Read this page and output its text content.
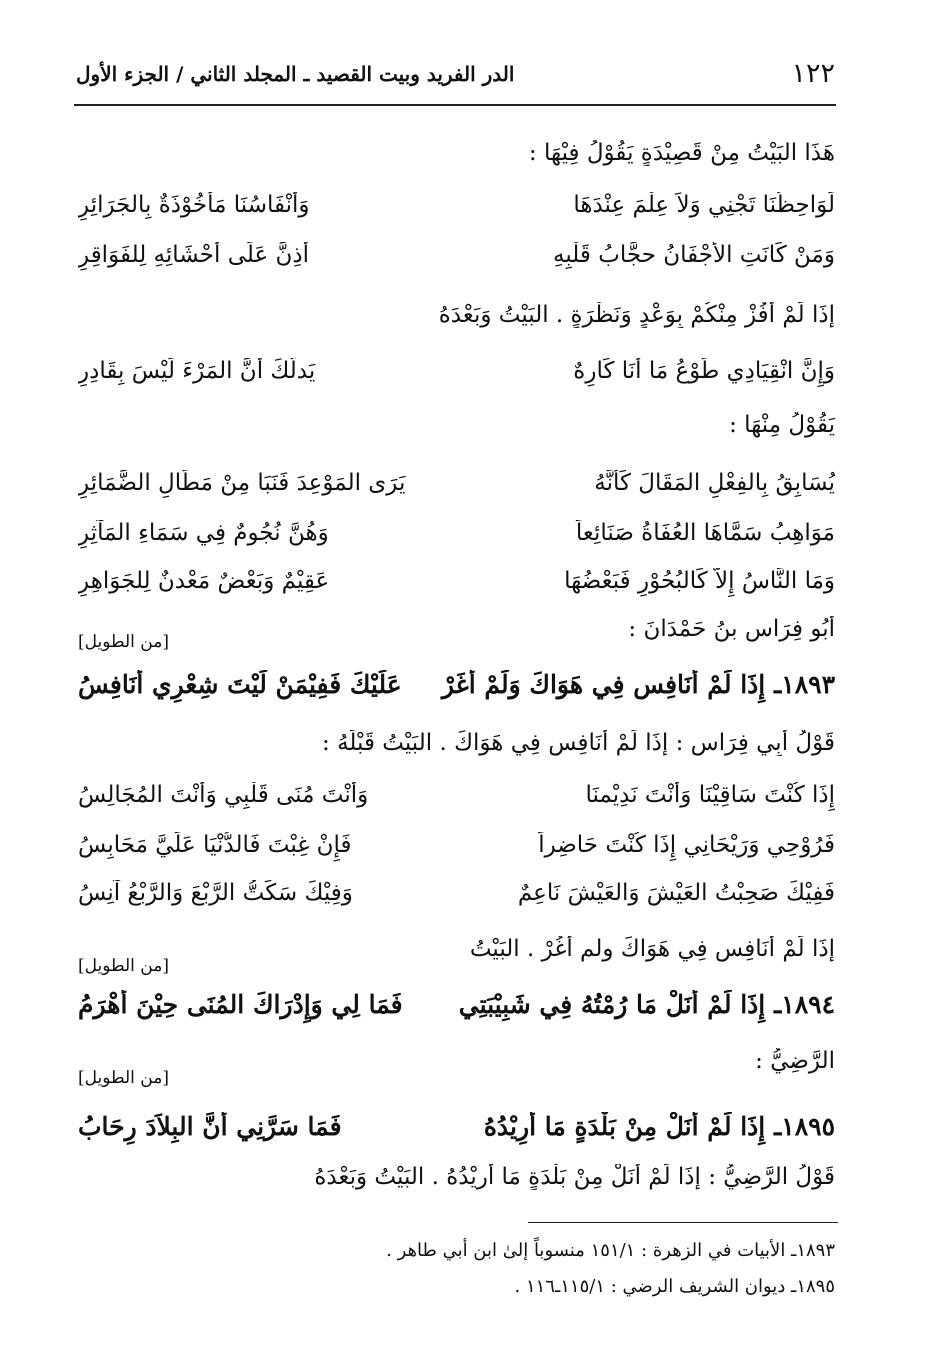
١٢٢
الدر الفريد وبيت القصيد ـ المجلد الثاني / الجزء الأول
هَذَا البَيْتُ مِنْ قَصِيْدَةٍ يَقُوْلُ فِيْهَا :
لَوَاحِظُنَا تَجْنِي وَلاَ عِلْمَ عِنْدَهَا
وَأَنْفَاسُنَا مَأْخُوْذَةٌ بِالجَرَائِرِ
وَمَنْ كَانَتِ الأَجْفَانُ حجَّابُ قَلْبِهِ
أَذِنَّ عَلَى أَحْشَائِهِ لِلفَوَاقِرِ
إِذَا لَمْ أَفُزْ مِنْكُمْ بِوَعْدٍ وَنَظْرَةٍ . البَيْتُ وَبَعْدَهُ
وَإِنَّ انْقِيَادِي طَوْعُ مَا أَنَا كَارِهٌ
يَدلُّكَ أَنَّ المَرْءَ لَيْسَ بِقَادِرِ
يَقُوْلُ مِنْهَا :
يُسَابِقُ بِالفِعْلِ المَقَالَ كَأَنَّهُ
يَرَى المَوْعِدَ فَنَبَا مِنْ مَطَالِ الضَّمَائِرِ
مَوَاهِبُ سَمَّاهَا العُفَاةُ صَنَائِعاً
وَهُنَّ نُجُومٌ فِي سَمَاءِ المَآثِرِ
وَمَا النَّاسُ إِلاَّ كَالبُحُوْرِ فَبَعْضُهَا
عَقِيْمٌ وَبَعْضٌ مَعْدنٌ لِلجَوَاهِرِ
أَبُو فِرَاسِ بنُ حَمْدَانَ :
[من الطويل]
١٨٩٣ـ إِذَا لَمْ أُنَافِس فِي هَوَاكَ وَلَمْ أَغَرْ
عَلَيْكَ فَفِيْمَنْ لَيْتَ شِعْرِي أُنَافِسُ
قَوْلُ أَبِي فِرَاسٍ : إِذَا لَمْ أُنَافِس فِي هَوَاكَ . البَيْتُ قَبْلَهُ :
إِذَا كُنْتَ سَاقِيْنَا وَأَنْتَ نَدِيْمنَا
وَأَنْتَ مُنَى قَلْبِي وَأَنْتَ المُجَالِسُ
فَرُوْحِي وَرَيْحَانِي إِذَا كُنْتَ حَاضِراً
فَإِنْ غِبْتَ فَالدُّنْيَا عَلَيَّ مَحَابِسُ
فَفِيْكَ صَحِبْتُ العَيْشَ وَالعَيْشَ نَاعِمٌ
وَفِيْكَ سَكَتُّ الرَّبْعَ وَالرَّبْعُ آنِسُ
إذَا لَمْ أُنَافِس فِي هَوَاكَ ولم أَغُرْ . البَيْتُ
[من الطويل]
١٨٩٤ـ إِذَا لَمْ أَنَلْ مَا رُمْتُهُ فِي شَبِيْبَتِي
فَمَا لِي وَإِدْرَاكَ المُنَى حِيْنَ أَهْرَمُ
الرَّضِيُّ :
[من الطويل]
١٨٩٥ـ إِذَا لَمْ أَنَلْ مِنْ بَلْدَةٍ مَا أُرِيْدُهُ
فَمَا سَرَّنِي أَنَّ البِلاَدَ رِحَابُ
قَوْلُ الرَّضِيُّ : إِذَا لَمْ أَنَلْ مِنْ بَلْدَةٍ مَا أُرِيْدُهُ . البَيْتُ وَبَعْدَهُ
١٨٩٣ـ الأبيات في الزهرة : ١٥١/١ منسوباً إلىٰ ابن أبي طاهر .
١٨٩٥ـ ديوان الشريف الرضي : ١١٥/١ـ١١٦ .
